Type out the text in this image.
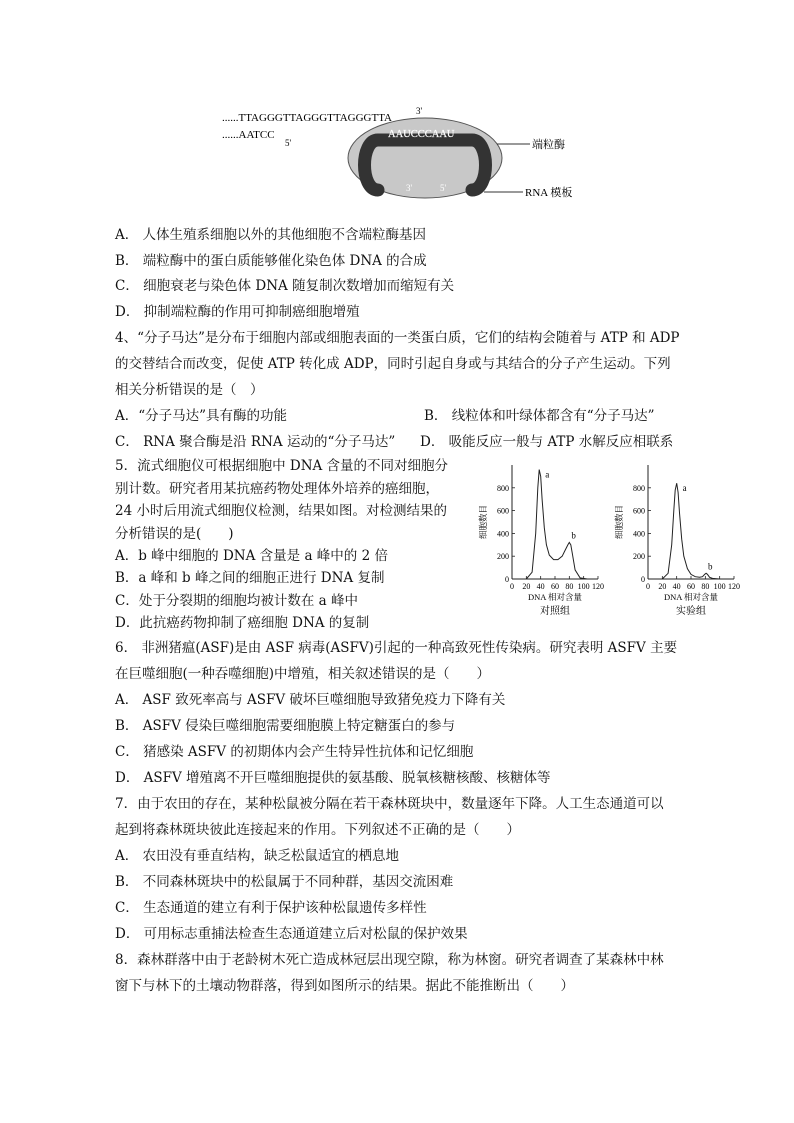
......TTAGGGTTAGGGTTAGGGTTA
3'
......AATCC
5'
AAUCCCAAU
3'	5'
端粒酶
RNA 模板
A． 人体生殖系细胞以外的其他细胞不含端粒酶基因
B． 端粒酶中的蛋白质能够催化染色体 DNA 的合成
C． 细胞衰老与染色体 DNA 随复制次数增加而缩短有关
D． 抑制端粒酶的作用可抑制癌细胞增殖
4、“分子马达”是分布于细胞内部或细胞表面的一类蛋白质，它们的结构会随着与 ATP 和 ADP
的交替结合而改变，促使 ATP 转化成 ADP，同时引起自身或与其结合的分子产生运动。下列
相关分析错误的是（　）
A．“分子马达”具有酶的功能	B． 线粒体和叶绿体都含有“分子马达”
C． RNA 聚合酶是沿 RNA 运动的“分子马达” D． 吸能反应一般与 ATP 水解反应相联系
5．流式细胞仪可根据细胞中 DNA 含量的不同对细胞分
别计数。研究者用某抗癌药物处理体外培养的癌细胞，
24 小时后用流式细胞仪检测，结果如图。对检测结果的
分析错误的是(　　)
A．b 峰中细胞的 DNA 含量是 a 峰中的 2 倍
B．a 峰和 b 峰之间的细胞正进行 DNA 复制
C．处于分裂期的细胞均被计数在 a 峰中
D．此抗癌药物抑制了癌细胞 DNA 的复制
0
200
400
600
800
0 20 40 60 80 100 120
a
b
DNA 相对含量
对照组
细胞数目
0
200
400
600
800
0 20 40 60 80 100 120
a
b
DNA 相对含量
实验组
细胞数目
6． 非洲猪瘟(ASF)是由 ASF 病毒(ASFV)引起的一种高致死性传染病。研究表明 ASFV 主要
在巨噬细胞(一种吞噬细胞)中增殖，相关叙述错误的是（　　）
A． ASF 致死率高与 ASFV 破坏巨噬细胞导致猪免疫力下降有关
B． ASFV 侵染巨噬细胞需要细胞膜上特定糖蛋白的参与
C． 猪感染 ASFV 的初期体内会产生特异性抗体和记忆细胞
D． ASFV 增殖离不开巨噬细胞提供的氨基酸、脱氧核糖核酸、核糖体等
7．由于农田的存在，某种松鼠被分隔在若干森林斑块中，数量逐年下降。人工生态通道可以
起到将森林斑块彼此连接起来的作用。下列叙述不正确的是（　　）
A． 农田没有垂直结构，缺乏松鼠适宜的栖息地
B． 不同森林斑块中的松鼠属于不同种群，基因交流困难
C． 生态通道的建立有利于保护该种松鼠遗传多样性
D． 可用标志重捕法检查生态通道建立后对松鼠的保护效果
8．森林群落中由于老龄树木死亡造成林冠层出现空隙，称为林窗。研究者调查了某森林中林
窗下与林下的土壤动物群落，得到如图所示的结果。据此不能推断出（　　）
